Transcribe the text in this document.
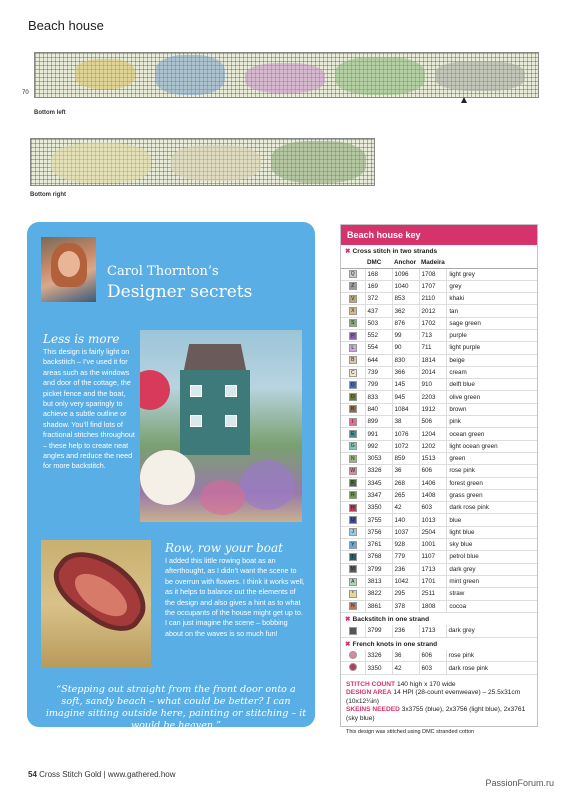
Beach house
70
Bottom left
Bottom right
Carol Thornton’s
Designer secrets
Less is more
This design is fairly light on backstitch – I’ve used it for areas such as the windows and door of the cottage, the picket fence and the boat, but only very sparingly to achieve a subtle outline or shadow. You’ll find lots of fractional stitches throughout – these help to create neat angles and reduce the need for more backstitch.
Row, row your boat
I added this little rowing boat as an afterthought, as I didn’t want the scene to be overrun with flowers. I think it works well, as it helps to balance out the elements of the design and also gives a hint as to what the occupants of the house might get up to. I can just imagine the scene – bobbing about on the waves is so much fun!
“Stepping out straight from the front door onto a soft, sandy beach – what could be better? I can imagine sitting outside here, painting or stitching – it would be heaven.”
Beach house key
✖ Cross stitch in two strands
	DMC	Anchor	Madeira	
Q	168	1096	1708	light grey
Z	169	1040	1707	grey
V	372	853	2110	khaki
X	437	362	2012	tan
S	503	876	1702	sage green
P	552	99	713	purple
L	554	90	711	light purple
B	644	830	1814	beige
C	739	366	2014	cream
D	799	145	910	delft blue
O	833	945	2203	olive green
K	840	1084	1912	brown
I	899	38	506	pink
E	991	1076	1204	ocean green
G	992	1072	1202	light ocean green
N	3053	859	1513	green
W	3326	36	606	rose pink
F	3345	268	1406	forest green
R	3347	265	1408	grass green
H	3350	42	603	dark rose pink
U	3755	140	1013	blue
J	3756	1037	2504	light blue
Y	3761	928	1001	sky blue
T	3768	779	1107	petrol blue
M	3799	236	1713	dark grey
A	3813	1042	1701	mint green
*	3822	295	2511	straw
N	3861	378	1808	cocoa
✖ Backstitch in one strand
	3799	236	1713	dark grey
✖ French knots in one strand
	3326	36	606	rose pink
	3350	42	603	dark rose pink
STITCH COUNT 140 high x 170 wide
DESIGN AREA 14 HPI (28-count evenweave) – 25.5x31cm (10x12¼in)
SKEINS NEEDED 3x3755 (blue), 2x3756 (light blue), 2x3761 (sky blue)
This design was stitched using DMC stranded cotton
54 Cross Stitch Gold | www.gathered.how
PassionForum.ru
